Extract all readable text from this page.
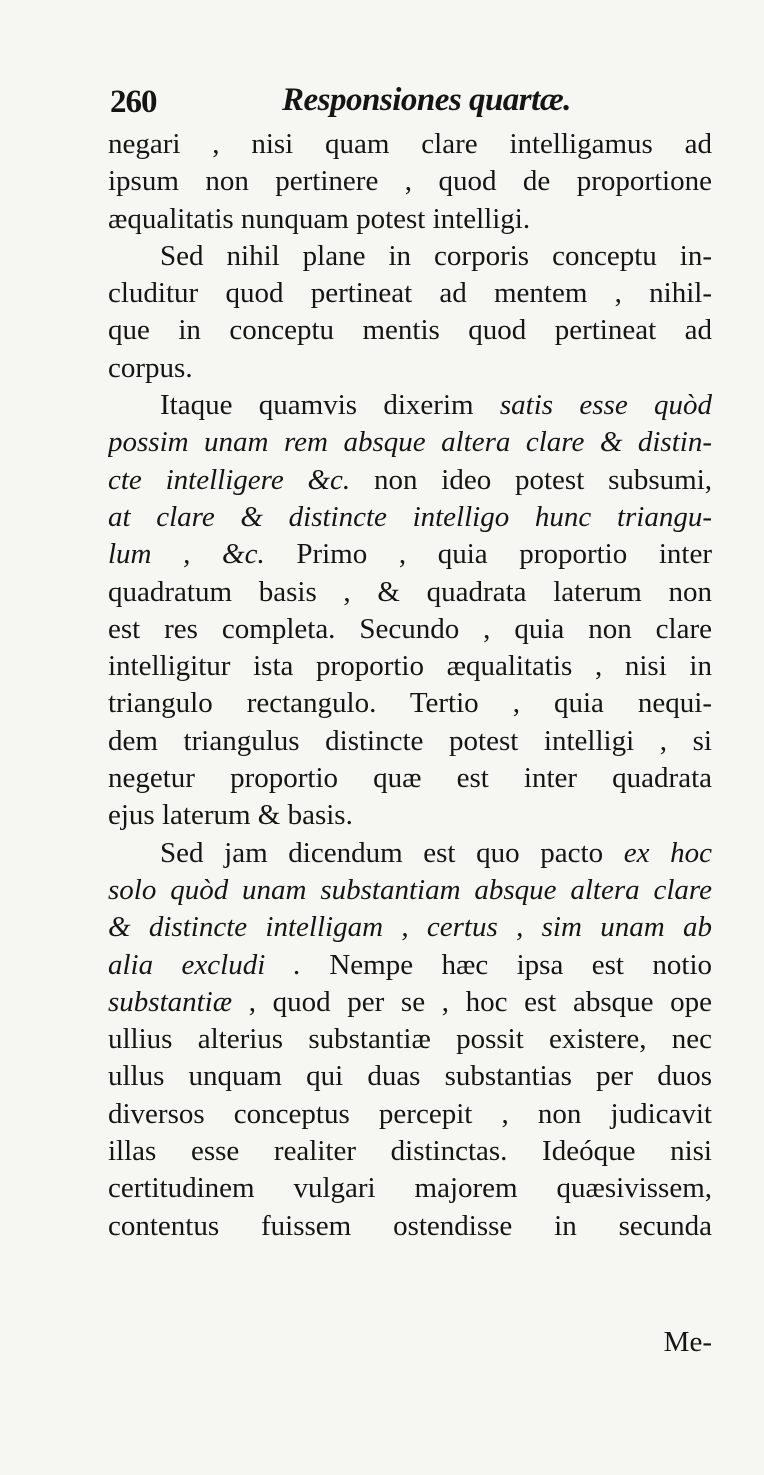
260	Responsiones quartæ.
negari , nisi quam clare intelligamus ad
ipsum non pertinere , quod de proportione
æqualitatis nunquam potest intelligi.
Sed nihil plane in corporis conceptu in-
cluditur quod pertineat ad mentem , nihil-
que in conceptu mentis quod pertineat ad
corpus.
Itaque quamvis dixerim satis esse quòd
possim unam rem absque altera clare & distin-
cte intelligere &c. non ideo potest subsumi,
at clare & distincte intelligo hunc triangu-
lum , &c. Primo , quia proportio inter
quadratum basis , & quadrata laterum non
est res completa. Secundo , quia non clare
intelligitur ista proportio æqualitatis , nisi in
triangulo rectangulo. Tertio , quia nequi-
dem triangulus distincte potest intelligi , si
negetur proportio quæ est inter quadrata
ejus laterum & basis.
Sed jam dicendum est quo pacto ex hoc
solo quòd unam substantiam absque altera clare
& distincte intelligam , certus , sim unam ab
alia excludi . Nempe hæc ipsa est notio
substantiæ , quod per se , hoc est absque ope
ullius alterius substantiæ possit existere, nec
ullus unquam qui duas substantias per duos
diversos conceptus percepit , non judicavit
illas esse realiter distinctas. Ideóque nisi
certitudinem vulgari majorem quæsivissem,
contentus fuissem ostendisse in secunda
Me-
